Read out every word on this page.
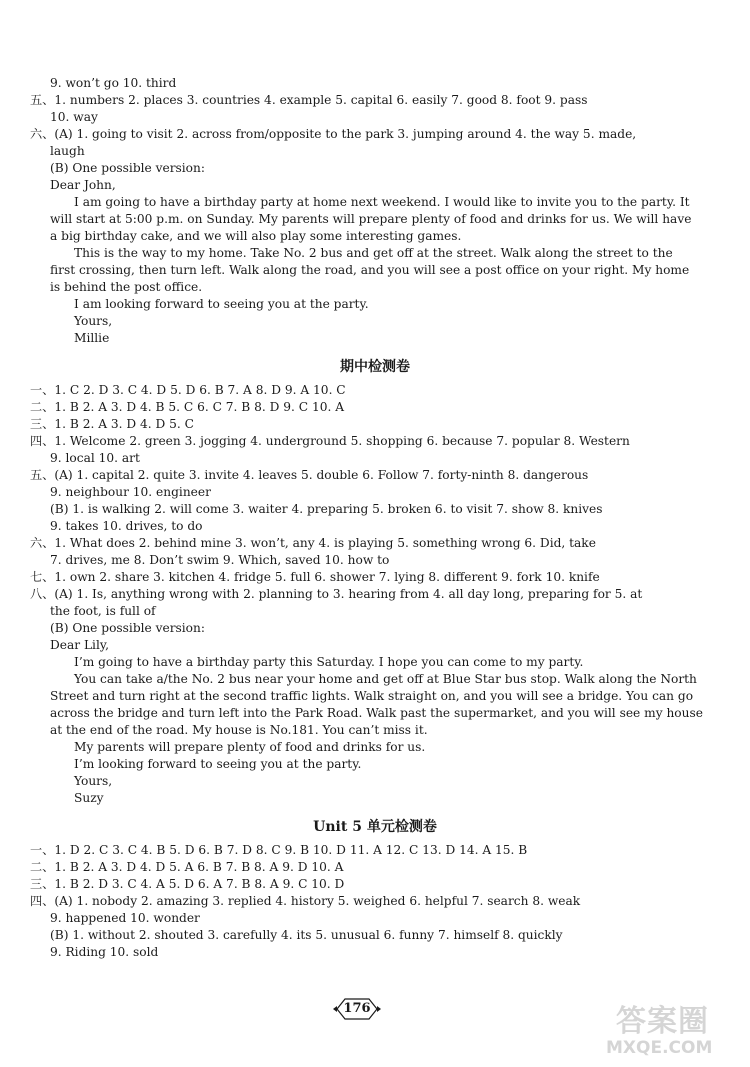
9. won’t go 10. third
五、1. numbers 2. places 3. countries 4. example 5. capital 6. easily 7. good 8. foot 9. pass
10. way
六、(A) 1. going to visit 2. across from/opposite to the park 3. jumping around 4. the way 5. made,
laugh
(B) One possible version:
Dear John,
I am going to have a birthday party at home next weekend. I would like to invite you to the party. It
will start at 5:00 p.m. on Sunday. My parents will prepare plenty of food and drinks for us. We will have
a big birthday cake, and we will also play some interesting games.
This is the way to my home. Take No. 2 bus and get off at the street. Walk along the street to the
first crossing, then turn left. Walk along the road, and you will see a post office on your right. My home
is behind the post office.
I am looking forward to seeing you at the party.
Yours,
Millie
期中检测卷
一、1. C 2. D 3. C 4. D 5. D 6. B 7. A 8. D 9. A 10. C
二、1. B 2. A 3. D 4. B 5. C 6. C 7. B 8. D 9. C 10. A
三、1. B 2. A 3. D 4. D 5. C
四、1. Welcome 2. green 3. jogging 4. underground 5. shopping 6. because 7. popular 8. Western
9. local 10. art
五、(A) 1. capital 2. quite 3. invite 4. leaves 5. double 6. Follow 7. forty-ninth 8. dangerous
9. neighbour 10. engineer
(B) 1. is walking 2. will come 3. waiter 4. preparing 5. broken 6. to visit 7. show 8. knives
9. takes 10. drives, to do
六、1. What does 2. behind mine 3. won’t, any 4. is playing 5. something wrong 6. Did, take
7. drives, me 8. Don’t swim 9. Which, saved 10. how to
七、1. own 2. share 3. kitchen 4. fridge 5. full 6. shower 7. lying 8. different 9. fork 10. knife
八、(A) 1. Is, anything wrong with 2. planning to 3. hearing from 4. all day long, preparing for 5. at
the foot, is full of
(B) One possible version:
Dear Lily,
I’m going to have a birthday party this Saturday. I hope you can come to my party.
You can take a/the No. 2 bus near your home and get off at Blue Star bus stop. Walk along the North
Street and turn right at the second traffic lights. Walk straight on, and you will see a bridge. You can go
across the bridge and turn left into the Park Road. Walk past the supermarket, and you will see my house
at the end of the road. My house is No.181. You can’t miss it.
My parents will prepare plenty of food and drinks for us.
I’m looking forward to seeing you at the party.
Yours,
Suzy
Unit 5 单元检测卷
一、1. D 2. C 3. C 4. B 5. D 6. B 7. D 8. C 9. B 10. D 11. A 12. C 13. D 14. A 15. B
二、1. B 2. A 3. D 4. D 5. A 6. B 7. B 8. A 9. D 10. A
三、1. B 2. D 3. C 4. A 5. D 6. A 7. B 8. A 9. C 10. D
四、(A) 1. nobody 2. amazing 3. replied 4. history 5. weighed 6. helpful 7. search 8. weak
9. happened 10. wonder
(B) 1. without 2. shouted 3. carefully 4. its 5. unusual 6. funny 7. himself 8. quickly
9. Riding 10. sold
176	答案圈
MXQE.COM
